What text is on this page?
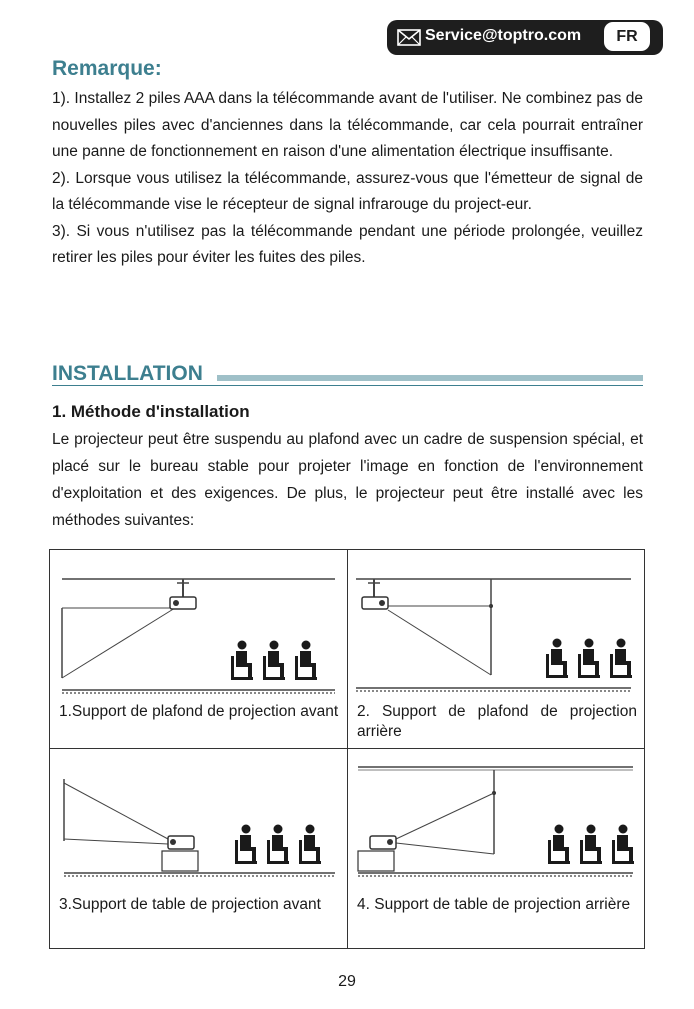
Service@toptro.com	FR
Remarque:

1). Installez 2 piles AAA dans la télécommande avant de l'utiliser. Ne combinez pas de nouvelles piles avec d'anciennes dans la télécommande, car cela pourrait entraîner une panne de fonctionnement en raison d'une alimentation électrique insuffisante.

2). Lorsque vous utilisez la télécommande, assurez-vous que l'émetteur de signal de la télécommande vise le récepteur de signal infrarouge du project-eur.

3). Si vous n'utilisez pas la télécommande pendant une période prolongée, veuillez retirer les piles pour éviter les fuites des piles.

INSTALLATION
1. Méthode d'installation

Le projecteur peut être suspendu au plafond avec un cadre de suspension spécial, et placé sur le bureau stable pour projeter l'image en fonction de l'environnement d'exploitation et des exigences. De plus, le projecteur peut être installé avec les méthodes suivantes:

1.Support de plafond de projection avant 2. Support de plafond de projection arrière
3.Support de table de projection avant	4. Support de table de projection arrière
29
